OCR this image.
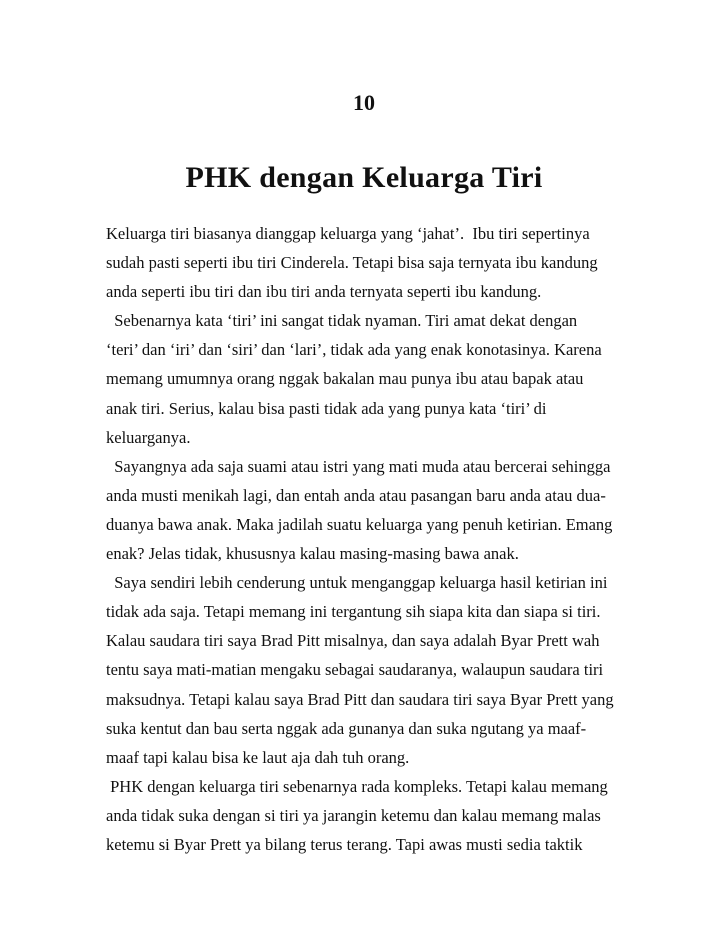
10
PHK dengan Keluarga Tiri
Keluarga tiri biasanya dianggap keluarga yang ‘jahat’.  Ibu tiri sepertinya
sudah pasti seperti ibu tiri Cinderela. Tetapi bisa saja ternyata ibu kandung
anda seperti ibu tiri dan ibu tiri anda ternyata seperti ibu kandung.
Sebenarnya kata ‘tiri’ ini sangat tidak nyaman. Tiri amat dekat dengan
‘teri’ dan ‘iri’ dan ‘siri’ dan ‘lari’, tidak ada yang enak konotasinya. Karena
memang umumnya orang nggak bakalan mau punya ibu atau bapak atau
anak tiri. Serius, kalau bisa pasti tidak ada yang punya kata ‘tiri’ di
keluarganya.
Sayangnya ada saja suami atau istri yang mati muda atau bercerai sehingga
anda musti menikah lagi, dan entah anda atau pasangan baru anda atau dua-
duanya bawa anak. Maka jadilah suatu keluarga yang penuh ketirian. Emang
enak? Jelas tidak, khususnya kalau masing-masing bawa anak.
Saya sendiri lebih cenderung untuk menganggap keluarga hasil ketirian ini
tidak ada saja. Tetapi memang ini tergantung sih siapa kita dan siapa si tiri.
Kalau saudara tiri saya Brad Pitt misalnya, dan saya adalah Byar Prett wah
tentu saya mati-matian mengaku sebagai saudaranya, walaupun saudara tiri
maksudnya. Tetapi kalau saya Brad Pitt dan saudara tiri saya Byar Prett yang
suka kentut dan bau serta nggak ada gunanya dan suka ngutang ya maaf-
maaf tapi kalau bisa ke laut aja dah tuh orang.
PHK dengan keluarga tiri sebenarnya rada kompleks. Tetapi kalau memang
anda tidak suka dengan si tiri ya jarangin ketemu dan kalau memang malas
ketemu si Byar Prett ya bilang terus terang. Tapi awas musti sedia taktik
